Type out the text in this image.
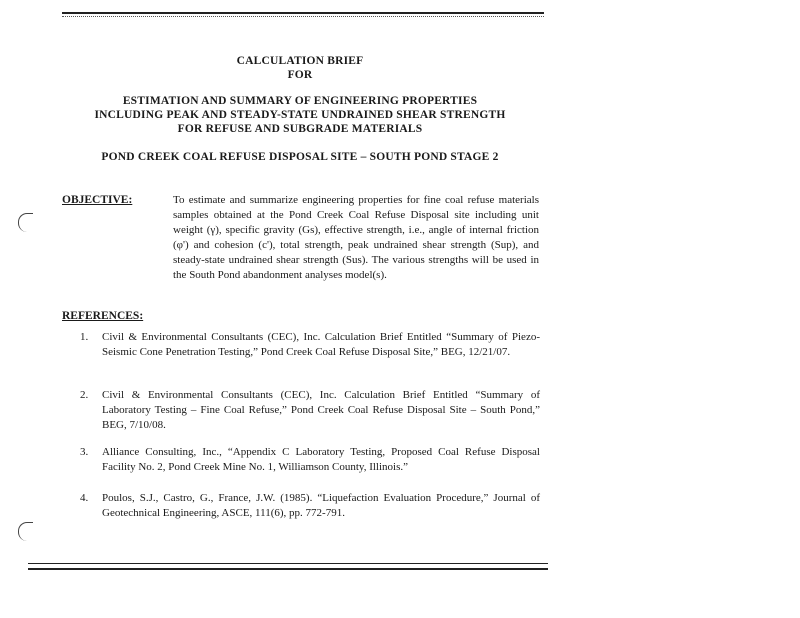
CALCULATION BRIEF
FOR
ESTIMATION AND SUMMARY OF ENGINEERING PROPERTIES
INCLUDING PEAK AND STEADY-STATE UNDRAINED SHEAR STRENGTH
FOR REFUSE AND SUBGRADE MATERIALS
POND CREEK COAL REFUSE DISPOSAL SITE – SOUTH POND STAGE 2
OBJECTIVE:	To estimate and summarize engineering properties for fine coal refuse materials samples obtained at the Pond Creek Coal Refuse Disposal site including unit weight (γ), specific gravity (Gs), effective strength, i.e., angle of internal friction (φ') and cohesion (c'), total strength, peak undrained shear strength (Sup), and steady-state undrained shear strength (Sus). The various strengths will be used in the South Pond abandonment analyses model(s).
REFERENCES:
1.	Civil & Environmental Consultants (CEC), Inc. Calculation Brief Entitled “Summary of Piezo-Seismic Cone Penetration Testing,” Pond Creek Coal Refuse Disposal Site,” BEG, 12/21/07.
2.	Civil & Environmental Consultants (CEC), Inc. Calculation Brief Entitled “Summary of Laboratory Testing – Fine Coal Refuse,” Pond Creek Coal Refuse Disposal Site – South Pond,” BEG, 7/10/08.
3.	Alliance Consulting, Inc., “Appendix C Laboratory Testing, Proposed Coal Refuse Disposal Facility No. 2, Pond Creek Mine No. 1, Williamson County, Illinois.”
4.	Poulos, S.J., Castro, G., France, J.W. (1985). “Liquefaction Evaluation Procedure,” Journal of Geotechnical Engineering, ASCE, 111(6), pp. 772-791.
